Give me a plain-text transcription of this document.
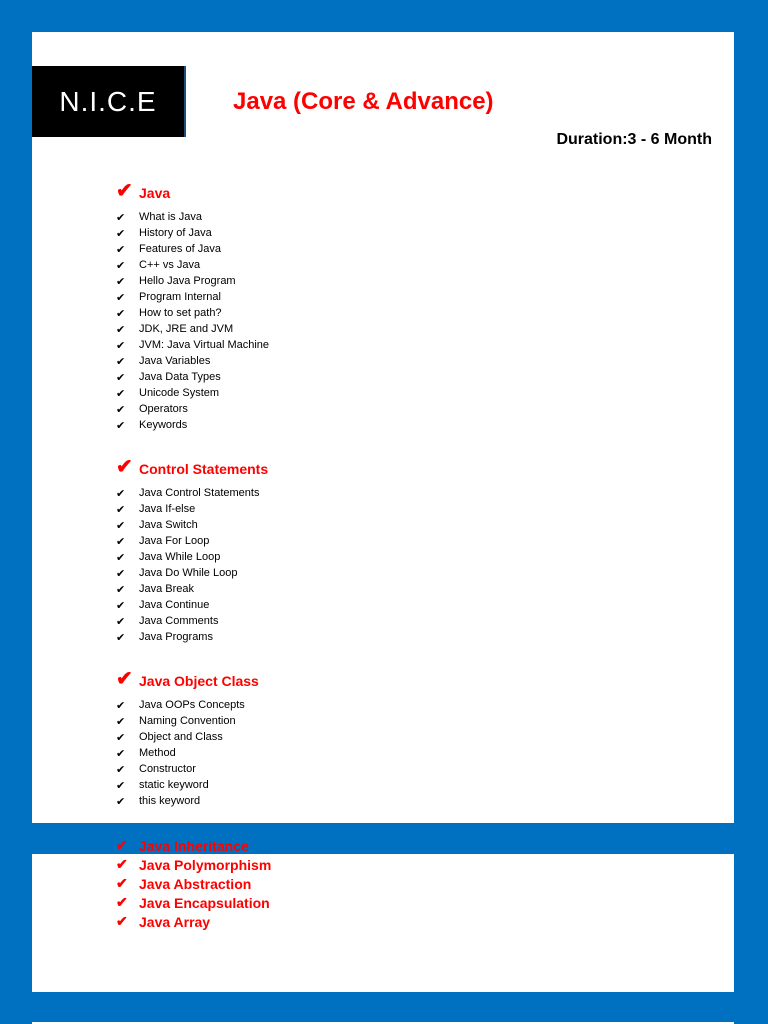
N.I.C.E	Java (Core & Advance)
Duration:3 - 6 Month
✔ Java
✔	What is Java
✔	History of Java
✔	Features of Java
✔	C++ vs Java
✔	Hello Java Program
✔	Program Internal
✔	How to set path?
✔	JDK, JRE and JVM
✔	JVM: Java Virtual Machine
✔	Java Variables
✔	Java Data Types
✔	Unicode System
✔	Operators
✔	Keywords
✔ Control Statements
✔	Java Control Statements
✔	Java If-else
✔	Java Switch
✔	Java For Loop
✔	Java While Loop
✔	Java Do While Loop
✔	Java Break
✔	Java Continue
✔	Java Comments
✔	Java Programs
✔ Java Object Class
✔	Java OOPs Concepts
✔	Naming Convention
✔	Object and Class
✔	Method
✔	Constructor
✔	static keyword
✔	this keyword
✔ Java Inheritance
✔ Java Polymorphism
✔ Java Abstraction
✔ Java Encapsulation
✔ Java Array
